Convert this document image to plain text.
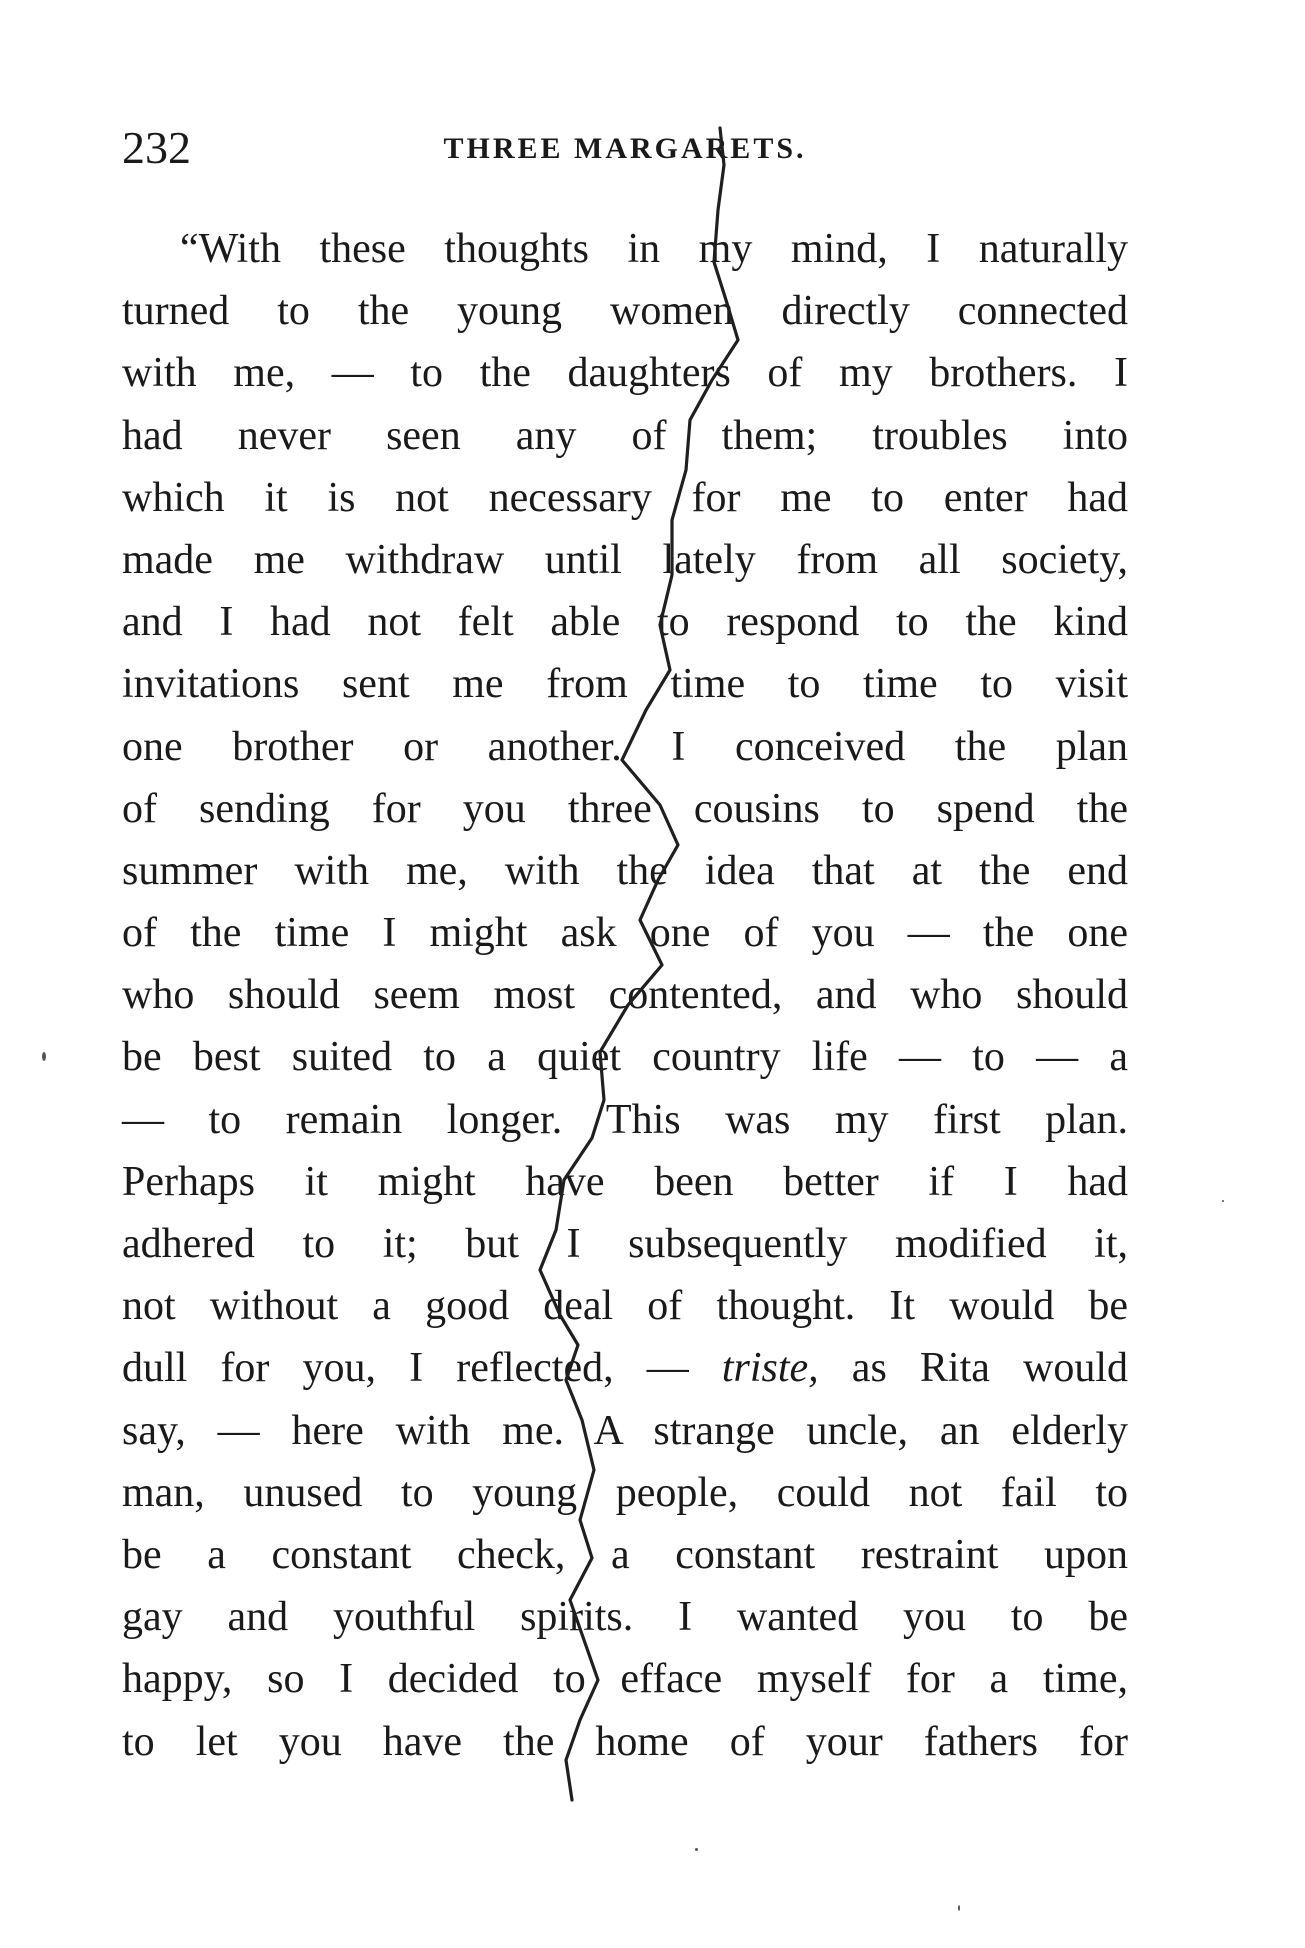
232	THREE MARGARETS.
“With these thoughts in my mind, I naturally
turned to the young women directly connected
with me, — to the daughters of my brothers. I
had never seen any of them; troubles into
which it is not necessary for me to enter had
made me withdraw until lately from all society,
and I had not felt able to respond to the kind
invitations sent me from time to time to visit
one brother or another. I conceived the plan
of sending for you three cousins to spend the
summer with me, with the idea that at the end
of the time I might ask one of you — the one
who should seem most contented, and who should
be best suited to a quiet country life — to — a
— to remain longer. This was my first plan.
Perhaps it might have been better if I had
adhered to it; but I subsequently modified it,
not without a good deal of thought. It would be
dull for you, I reflected, — triste, as Rita would
say, — here with me. A strange uncle, an elderly
man, unused to young people, could not fail to
be a constant check, a constant restraint upon
gay and youthful spirits. I wanted you to be
happy, so I decided to efface myself for a time,
to let you have the home of your fathers for
